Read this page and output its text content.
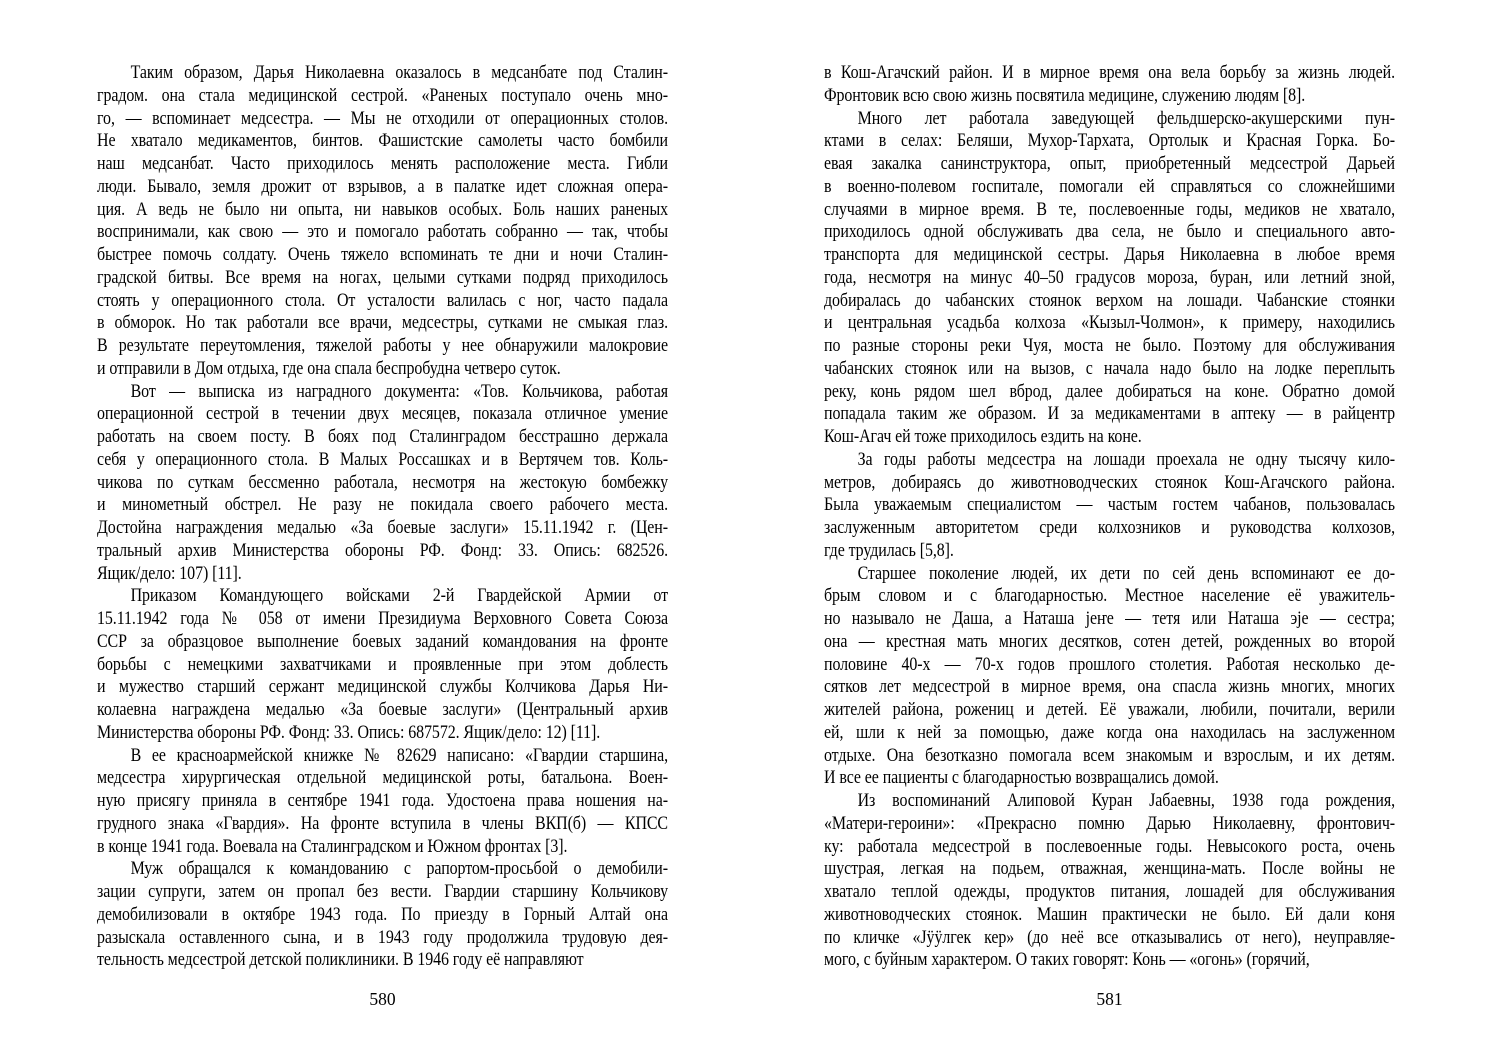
Таким образом, Дарья Николаевна оказалось в медсанбате под Сталин-
градом. она стала медицинской сестрой. «Раненых поступало очень мно-
го, — вспоминает медсестра. — Мы не отходили от операционных столов.
Не хватало медикаментов, бинтов. Фашистские самолеты часто бомбили
наш медсанбат. Часто приходилось менять расположение места. Гибли
люди. Бывало, земля дрожит от взрывов, а в палатке идет сложная опера-
ция. А ведь не было ни опыта, ни навыков особых. Боль наших раненых
воспринимали, как свою — это и помогало работать собранно — так, чтобы
быстрее помочь солдату. Очень тяжело вспоминать те дни и ночи Сталин-
градской битвы. Все время на ногах, целыми сутками подряд приходилось
стоять у операционного стола. От усталости валилась с ног, часто падала
в обморок. Но так работали все врачи, медсестры, сутками не смыкая глаз.
В результате переутомления, тяжелой работы у нее обнаружили малокровие
и отправили в Дом отдыха, где она спала беспробудна четверо суток.
Вот — выписка из наградного документа: «Тов. Кольчикова, работая
операционной сестрой в течении двух месяцев, показала отличное умение
работать на своем посту. В боях под Сталинградом бесстрашно держала
себя у операционного стола. В Малых Россашках и в Вертячем тов. Коль-
чикова по суткам бессменно работала, несмотря на жестокую бомбежку
и минометный обстрел. Не разу не покидала своего рабочего места.
Достойна награждения медалью «За боевые заслуги» 15.11.1942 г. (Цен-
тральный архив Министерства обороны РФ. Фонд: 33. Опись: 682526.
Ящик/дело: 107) [11].
Приказом Командующего войсками 2-й Гвардейской Армии от
15.11.1942 года № 058 от имени Президиума Верховного Совета Союза
ССР за образцовое выполнение боевых заданий командования на фронте
борьбы с немецкими захватчиками и проявленные при этом доблесть
и мужество старший сержант медицинской службы Колчикова Дарья Ни-
колаевна награждена медалью «За боевые заслуги» (Центральный архив
Министерства обороны РФ. Фонд: 33. Опись: 687572. Ящик/дело: 12) [11].
В ее красноармейской книжке № 82629 написано: «Гвардии старшина,
медсестра хирургическая отдельной медицинской роты, батальона. Воен-
ную присягу приняла в сентябре 1941 года. Удостоена права ношения на-
грудного знака «Гвардия». На фронте вступила в члены ВКП(б) — КПСС
в конце 1941 года. Воевала на Сталинградском и Южном фронтах [3].
Муж обращался к командованию с рапортом-просьбой о демобили-
зации супруги, затем он пропал без вести. Гвардии старшину Кольчикову
демобилизовали в октябре 1943 года. По приезду в Горный Алтай она
разыскала оставленного сына, и в 1943 году продолжила трудовую дея-
тельность медсестрой детской поликлиники. В 1946 году её направляют
в Кош-Агачский район. И в мирное время она вела борьбу за жизнь людей.
Фронтовик всю свою жизнь посвятила медицине, служению людям [8].
Много лет работала заведующей фельдшерско-акушерскими пун-
ктами в селах: Беляши, Мухор-Тархата, Ортолык и Красная Горка. Бо-
евая закалка санинструктора, опыт, приобретенный медсестрой Дарьей
в военно-полевом госпитале, помогали ей справляться со сложнейшими
случаями в мирное время. В те, послевоенные годы, медиков не хватало,
приходилось одной обслуживать два села, не было и специального авто-
транспорта для медицинской сестры. Дарья Николаевна в любое время
года, несмотря на минус 40–50 градусов мороза, буран, или летний зной,
добиралась до чабанских стоянок верхом на лошади. Чабанские стоянки
и центральная усадьба колхоза «Кызыл-Чолмон», к примеру, находились
по разные стороны реки Чуя, моста не было. Поэтому для обслуживания
чабанских стоянок или на вызов, с начала надо было на лодке переплыть
реку, конь рядом шел вброд, далее добираться на коне. Обратно домой
попадала таким же образом. И за медикаментами в аптеку — в райцентр
Кош-Агач ей тоже приходилось ездить на коне.
За годы работы медсестра на лошади проехала не одну тысячу кило-
метров, добираясь до животноводческих стоянок Кош-Агачского района.
Была уважаемым специалистом — частым гостем чабанов, пользовалась
заслуженным авторитетом среди колхозников и руководства колхозов,
где трудилась [5,8].
Старшее поколение людей, их дети по сей день вспоминают ее до-
брым словом и с благодарностью. Местное население её уважитель-
но называло не Даша, а Наташа jеҥе — тетя или Наташа эjе — сестра;
она — крестная мать многих десятков, сотен детей, рожденных во второй
половине 40-х — 70-х годов прошлого столетия. Работая несколько де-
сятков лет медсестрой в мирное время, она спасла жизнь многих, многих
жителей района, рожениц и детей. Её уважали, любили, почитали, верили
ей, шли к ней за помощью, даже когда она находилась на заслуженном
отдыхе. Она безотказно помогала всем знакомым и взрослым, и их детям.
И все ее пациенты с благодарностью возвращались домой.
Из воспоминаний Алиповой Куран Jабаевны, 1938 года рождения,
«Матери-героини»: «Прекрасно помню Дарью Николаевну, фронтович-
ку: работала медсестрой в послевоенные годы. Невысокого роста, очень
шустрая, легкая на подьем, отважная, женщина-мать. После войны не
хватало теплой одежды, продуктов питания, лошадей для обслуживания
животноводческих стоянок. Машин практически не было. Ей дали коня
по кличке «Jӱӱлгек кер» (до неё все отказывались от него), неуправляе-
мого, с буйным характером. О таких говорят: Конь — «огонь» (горячий,
580	581
